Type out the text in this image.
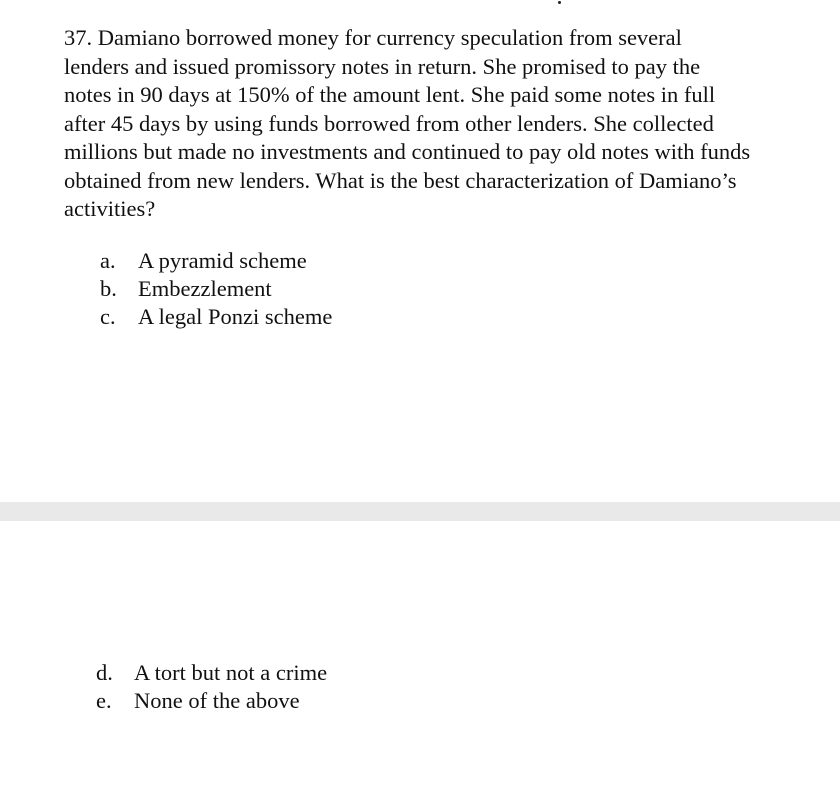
37. Damiano borrowed money for currency speculation from several
lenders and issued promissory notes in return. She promised to pay the
notes in 90 days at 150% of the amount lent. She paid some notes in full
after 45 days by using funds borrowed from other lenders. She collected
millions but made no investments and continued to pay old notes with funds
obtained from new lenders. What is the best characterization of Damiano’s
activities?
a. A pyramid scheme
b. Embezzlement
c. A legal Ponzi scheme
d. A tort but not a crime
e. None of the above
